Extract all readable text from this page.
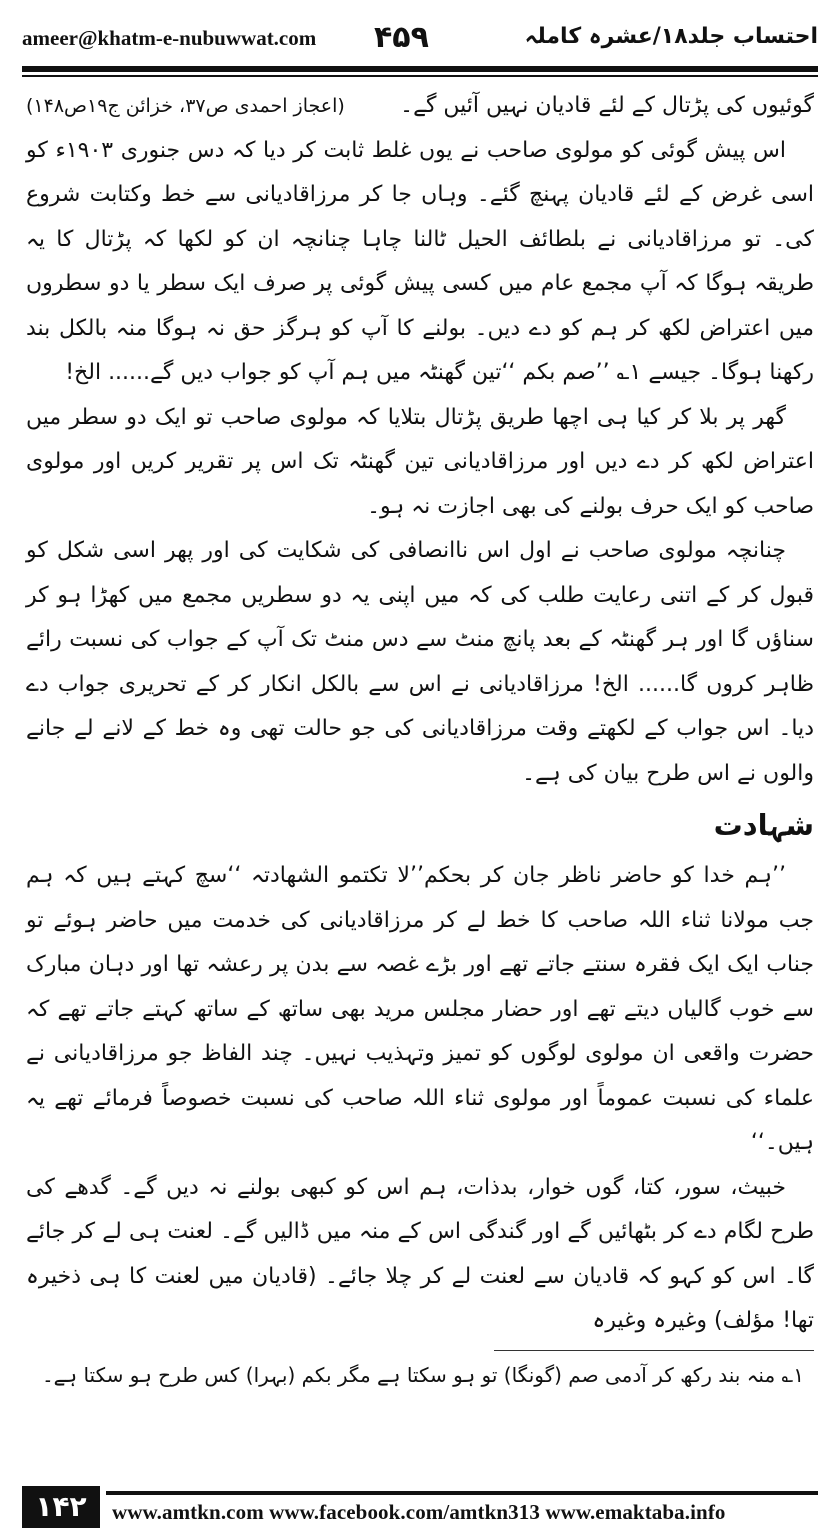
ameer@khatm-e-nubuwwat.com ۴۵۹	احتساب جلد۱۸/عشرہ کاملہ
گوئیوں کی پڑتال کے لئے قادیان نہیں آئیں گے۔
(اعجاز احمدی ص۳۷، خزائن ج۱۹ص۱۴۸)

اس پیش گوئی کو مولوی صاحب نے یوں غلط ثابت کر دیا کہ دس جنوری ۱۹۰۳ء کو اسی غرض کے لئے قادیان پہنچ گئے۔ وہاں جا کر مرزاقادیانی سے خط وکتابت شروع کی۔ تو مرزاقادیانی نے بلطائف الحیل ٹالنا چاہا چنانچہ ان کو لکھا کہ پڑتال کا یہ طریقہ ہوگا کہ آپ مجمع عام میں کسی پیش گوئی پر صرف ایک سطر یا دو سطروں میں اعتراض لکھ کر ہم کو دے دیں۔ بولنے کا آپ کو ہرگز حق نہ ہوگا منہ بالکل بند رکھنا ہوگا۔ جیسے ۱؎ ’’صم بکم ‘‘تین گھنٹہ میں ہم آپ کو جواب دیں گے...... الخ!

گھر پر بلا کر کیا ہی اچھا طریق پڑتال بتلایا کہ مولوی صاحب تو ایک دو سطر میں اعتراض لکھ کر دے دیں اور مرزاقادیانی تین گھنٹہ تک اس پر تقریر کریں اور مولوی صاحب کو ایک حرف بولنے کی بھی اجازت نہ ہو۔

چنانچہ مولوی صاحب نے اول اس ناانصافی کی شکایت کی اور پھر اسی شکل کو قبول کر کے اتنی رعایت طلب کی کہ میں اپنی یہ دو سطریں مجمع میں کھڑا ہو کر سناؤں گا اور ہر گھنٹہ کے بعد پانچ منٹ سے دس منٹ تک آپ کے جواب کی نسبت رائے ظاہر کروں گا...... الخ! مرزاقادیانی نے اس سے بالکل انکار کر کے تحریری جواب دے دیا۔ اس جواب کے لکھتے وقت مرزاقادیانی کی جو حالت تھی وہ خط کے لانے لے جانے والوں نے اس طرح بیان کی ہے۔

شہادت

’’ہم خدا کو حاضر ناظر جان کر بحکم’’لا تکتمو الشھادتہ ‘‘سچ کہتے ہیں کہ ہم جب مولانا ثناء اللہ صاحب کا خط لے کر مرزاقادیانی کی خدمت میں حاضر ہوئے تو جناب ایک ایک فقرہ سنتے جاتے تھے اور بڑے غصہ سے بدن پر رعشہ تھا اور دہان مبارک سے خوب گالیاں دیتے تھے اور حضار مجلس مرید بھی ساتھ کے ساتھ کہتے جاتے تھے کہ حضرت واقعی ان مولوی لوگوں کو تمیز وتہذیب نہیں۔ چند الفاظ جو مرزاقادیانی نے علماء کی نسبت عموماً اور مولوی ثناء اللہ صاحب کی نسبت خصوصاً فرمائے تھے یہ ہیں۔‘‘

خبیث، سور، کتا، گوں خوار، بدذات، ہم اس کو کبھی بولنے نہ دیں گے۔ گدھے کی طرح لگام دے کر بٹھائیں گے اور گندگی اس کے منہ میں ڈالیں گے۔ لعنت ہی لے کر جائے گا۔ اس کو کہو کہ قادیان سے لعنت لے کر چلا جائے۔ (قادیان میں لعنت کا ہی ذخیرہ تھا! مؤلف) وغیرہ وغیرہ

۱؎ منہ بند رکھ کر آدمی صم (گونگا) تو ہو سکتا ہے مگر بکم (بہرا) کس طرح ہو سکتا ہے۔

۱۴۲	www.amtkn.com www.facebook.com/amtkn313 www.emaktaba.info
